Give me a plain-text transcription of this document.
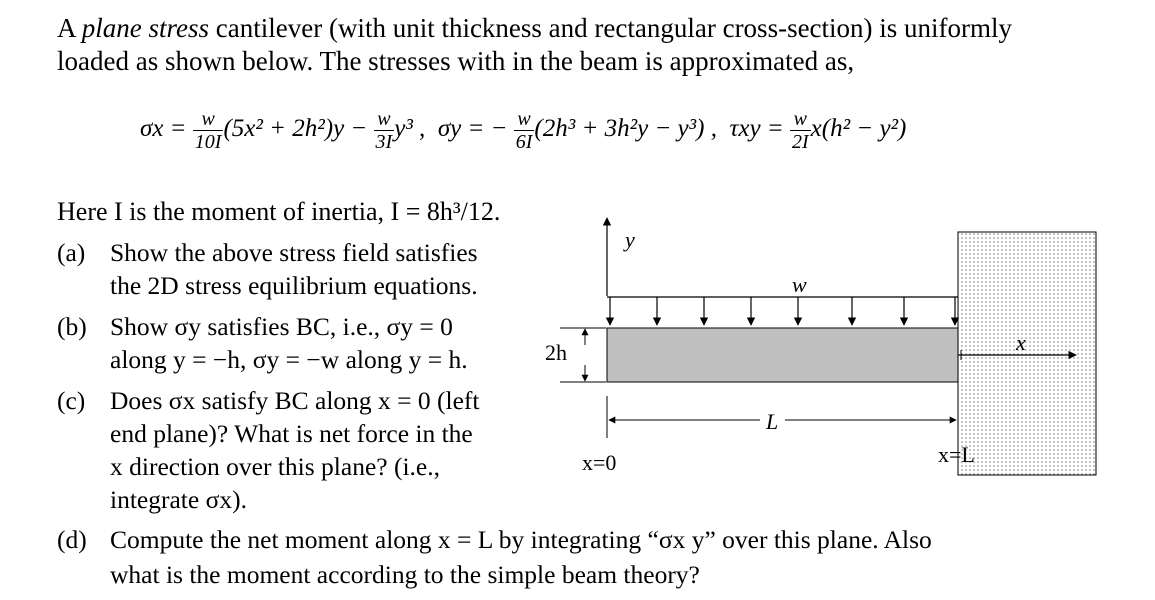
A plane stress cantilever (with unit thickness and rectangular cross-section) is uniformly
loaded as shown below. The stresses with in the beam is approximated as,
$\sigma x = \frac{w}{10I} (5x^2 + 2h^2)y - \frac{w}{3I} y^3$ , σy = − $\frac{w}{6I} (2h^3 + 3h^2y - y^3)$ , $\tau xy = \frac{w}{2I} x(h^2 - y^2)$
Here I is the moment of inertia, I = 8h³/12.
(a) Show the above stress field satisfies
the 2D stress equilibrium equations.
(b) Show σy satisfies BC, i.e., σy = 0
along y = −h, σy = −w along y = h.
(c) Does σx satisfy BC along x = 0 (left
end plane)? What is net force in the
x direction over this plane? (i.e.,
integrate σx).
(d) Compute the net moment along x = L by integrating “σx y” over this plane. Also
what is the moment according to the simple beam theory?
y
w
2h
L
x
x=0	x=L
